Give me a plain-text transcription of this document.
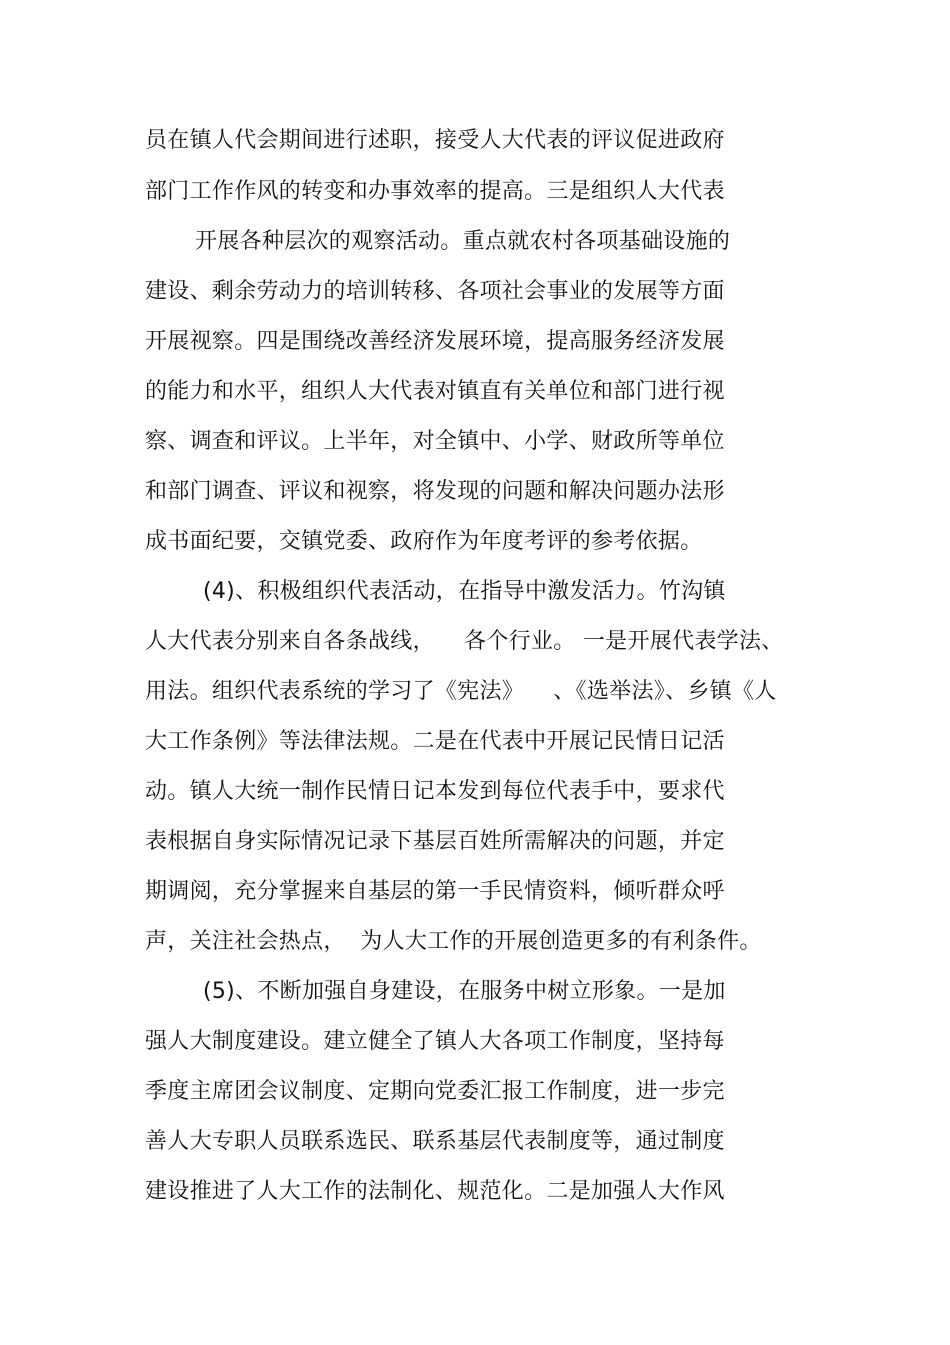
员在镇人代会期间进行述职，接受人大代表的评议促进政府
部门工作作风的转变和办事效率的提高。三是组织人大代表
开展各种层次的观察活动。重点就农村各项基础设施的
建设、剩余劳动力的培训转移、各项社会事业的发展等方面
开展视察。四是围绕改善经济发展环境，提高服务经济发展
的能力和水平，组织人大代表对镇直有关单位和部门进行视
察、调查和评议。上半年，对全镇中、小学、财政所等单位
和部门调查、评议和视察，将发现的问题和解决问题办法形
成书面纪要，交镇党委、政府作为年度考评的参考依据。
(4)、积极组织代表活动，在指导中激发活力。竹沟镇
人大代表分别来自各条战线，    各个行业。 一是开展代表学法、
用法。组织代表系统的学习了《宪法》    、《选举法》、乡镇《人
大工作条例》等法律法规。二是在代表中开展记民情日记活
动。镇人大统一制作民情日记本发到每位代表手中，要求代
表根据自身实际情况记录下基层百姓所需解决的问题，并定
期调阅，充分掌握来自基层的第一手民情资料，倾听群众呼
声，关注社会热点，  为人大工作的开展创造更多的有利条件。
(5)、不断加强自身建设，在服务中树立形象。一是加
强人大制度建设。建立健全了镇人大各项工作制度，坚持每
季度主席团会议制度、定期向党委汇报工作制度，进一步完
善人大专职人员联系选民、联系基层代表制度等，通过制度
建设推进了人大工作的法制化、规范化。二是加强人大作风
